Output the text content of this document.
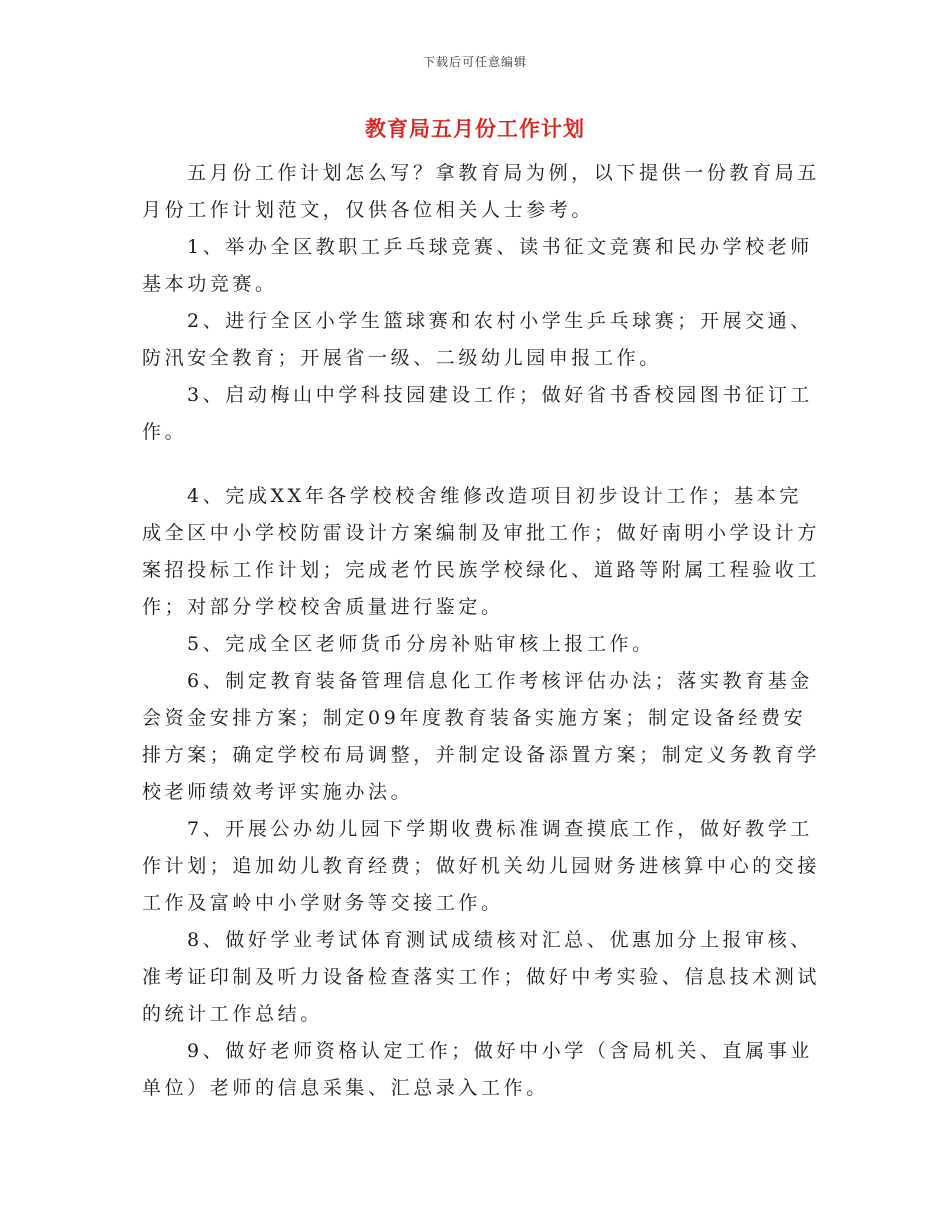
下载后可任意编辑
教育局五月份工作计划

五月份工作计划怎么写？拿教育局为例，以下提供一份教育局五月份工作计划范文，仅供各位相关人士参考。

1、举办全区教职工乒乓球竞赛、读书征文竞赛和民办学校老师基本功竞赛。

2、进行全区小学生篮球赛和农村小学生乒乓球赛；开展交通、防汛安全教育；开展省一级、二级幼儿园申报工作。

3、启动梅山中学科技园建设工作；做好省书香校园图书征订工作。

4、完成XX年各学校校舍维修改造项目初步设计工作；基本完成全区中小学校防雷设计方案编制及审批工作；做好南明小学设计方案招投标工作计划；完成老竹民族学校绿化、道路等附属工程验收工作；对部分学校校舍质量进行鉴定。

5、完成全区老师货币分房补贴审核上报工作。

6、制定教育装备管理信息化工作考核评估办法；落实教育基金会资金安排方案；制定09年度教育装备实施方案；制定设备经费安排方案；确定学校布局调整，并制定设备添置方案；制定义务教育学校老师绩效考评实施办法。

7、开展公办幼儿园下学期收费标准调查摸底工作，做好教学工作计划；追加幼儿教育经费；做好机关幼儿园财务进核算中心的交接工作及富岭中小学财务等交接工作。

8、做好学业考试体育测试成绩核对汇总、优惠加分上报审核、准考证印制及听力设备检查落实工作；做好中考实验、信息技术测试的统计工作总结。

9、做好老师资格认定工作；做好中小学（含局机关、直属事业单位）老师的信息采集、汇总录入工作。
